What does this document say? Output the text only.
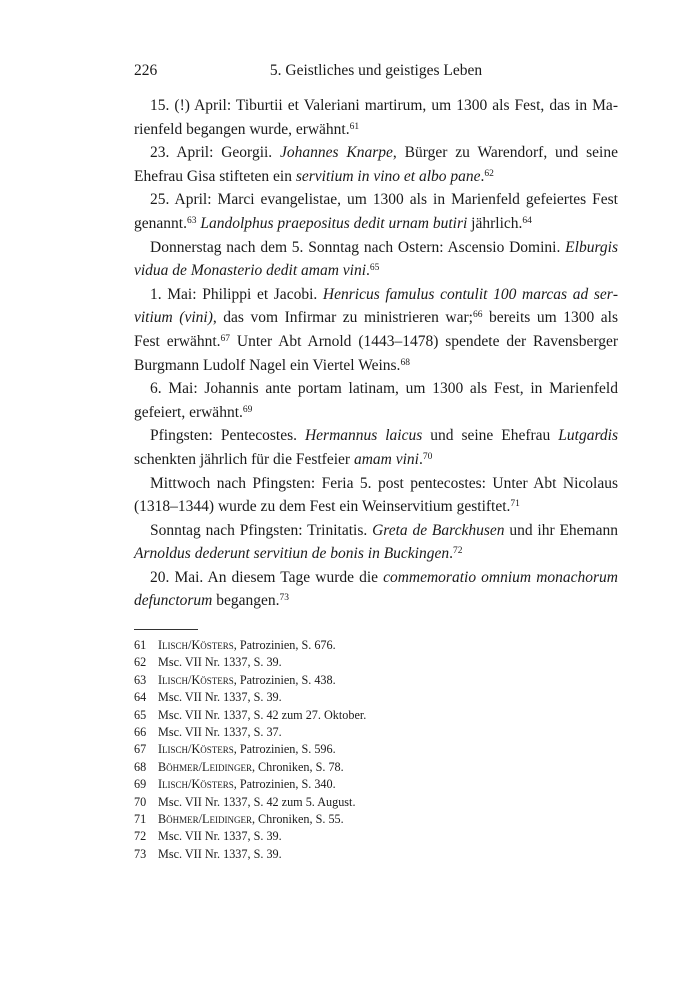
226	5. Geistliches und geistiges Leben

15. (!) April: Tiburtii et Valeriani martirum, um 1300 als Fest, das in Marienfeld begangen wurde, erwähnt.$^{61}$

23. April: Georgii. Johannes Knarpe, Bürger zu Warendorf, und seine Ehefrau Gisa stifteten ein servitium in vino et albo pane.$^{62}$

25. April: Marci evangelistae, um 1300 als in Marienfeld gefeiertes Fest genannt.$^{63}$ Landolphus praepositus dedit urnam butiri jährlich.$^{64}$

Donnerstag nach dem 5. Sonntag nach Ostern: Ascensio Domini. Elburgis vidua de Monasterio dedit amam vini.$^{65}$

1. Mai: Philippi et Jacobi. Henricus famulus contulit 100 marcas ad servitium (vini), das vom Infirmar zu ministrieren war;$^{66}$ bereits um 1300 als Fest erwähnt.$^{67}$ Unter Abt Arnold (1443–1478) spendete der Ravensberger Burgmann Ludolf Nagel ein Viertel Weins.$^{68}$

6. Mai: Johannis ante portam latinam, um 1300 als Fest, in Marienfeld gefeiert, erwähnt.$^{69}$

Pfingsten: Pentecostes. Hermannus laicus und seine Ehefrau Lutgardis schenkten jährlich für die Festfeier amam vini.$^{70}$

Mittwoch nach Pfingsten: Feria 5. post pentecostes: Unter Abt Nicolaus (1318–1344) wurde zu dem Fest ein Weinservitium gestiftet.$^{71}$

Sonntag nach Pfingsten: Trinitatis. Greta de Barckhusen und ihr Ehemann Arnoldus dederunt servitiun de bonis in Buckingen.$^{72}$

20. Mai. An diesem Tage wurde die commemoratio omnium monachorum defunctorum begangen.$^{73}$

61 Ilisch/Kösters, Patrozinien, S. 676.
62 Msc. VII Nr. 1337, S. 39.
63 Ilisch/Kösters, Patrozinien, S. 438.
64 Msc. VII Nr. 1337, S. 39.
65 Msc. VII Nr. 1337, S. 42 zum 27. Oktober.
66 Msc. VII Nr. 1337, S. 37.
67 Ilisch/Kösters, Patrozinien, S. 596.
68 Böhmer/Leidinger, Chroniken, S. 78.
69 Ilisch/Kösters, Patrozinien, S. 340.
70 Msc. VII Nr. 1337, S. 42 zum 5. August.
71 Böhmer/Leidinger, Chroniken, S. 55.
72 Msc. VII Nr. 1337, S. 39.
73 Msc. VII Nr. 1337, S. 39.
